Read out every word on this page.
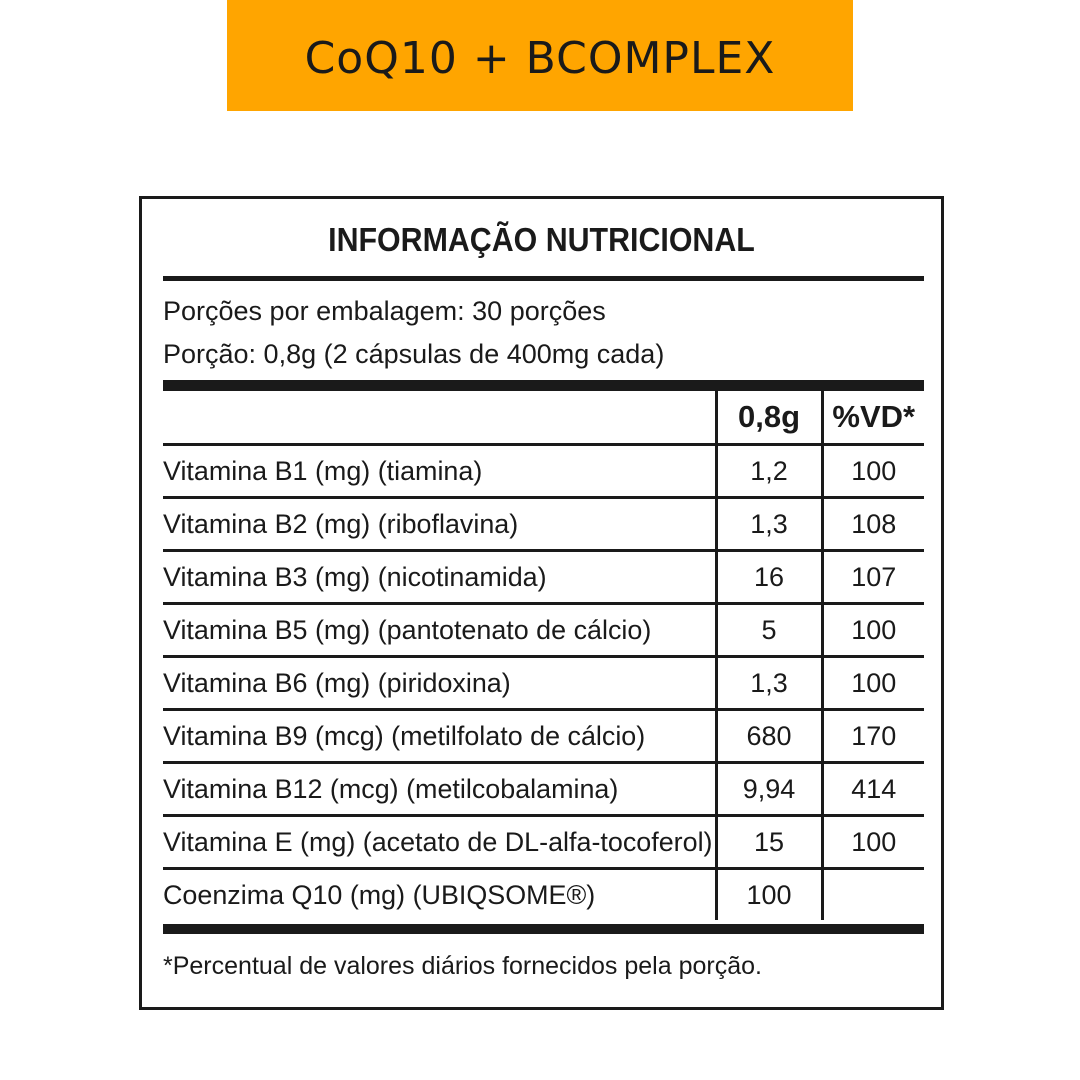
CoQ10 + BCOMPLEX
INFORMAÇÃO NUTRICIONAL
Porções por embalagem: 30 porções
Porção: 0,8g (2 cápsulas de 400mg cada)
	0,8g	%VD*
Vitamina B1 (mg) (tiamina)	1,2	100
Vitamina B2 (mg) (riboflavina)	1,3	108
Vitamina B3 (mg) (nicotinamida)	16	107
Vitamina B5 (mg) (pantotenato de cálcio)	5	100
Vitamina B6 (mg) (piridoxina)	1,3	100
Vitamina B9 (mcg) (metilfolato de cálcio)	680	170
Vitamina B12 (mcg) (metilcobalamina)	9,94	414
Vitamina E (mg) (acetato de DL-alfa-tocoferol)	15	100
Coenzima Q10 (mg) (UBIQSOME®)	100	
*Percentual de valores diários fornecidos pela porção.
